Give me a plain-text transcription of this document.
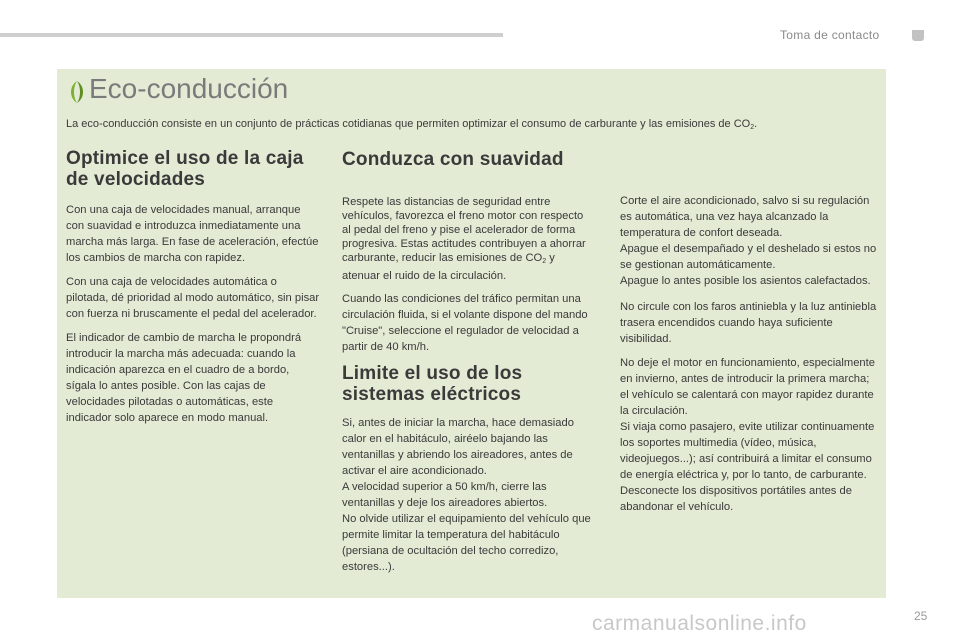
Toma de contacto
Eco-conducción
La eco-conducción consiste en un conjunto de prácticas cotidianas que permiten optimizar el consumo de carburante y las emisiones de $CO_2$.
Optimice el uso de la caja de velocidades

Con una caja de velocidades manual, arranque con suavidad e introduzca inmediatamente una marcha más larga. En fase de aceleración, efectúe los cambios de marcha con rapidez.

Con una caja de velocidades automática o pilotada, dé prioridad al modo automático, sin pisar con fuerza ni bruscamente el pedal del acelerador.

El indicador de cambio de marcha le propondrá introducir la marcha más adecuada: cuando la indicación aparezca en el cuadro de a bordo, sígala lo antes posible. Con las cajas de velocidades pilotadas o automáticas, este indicador solo aparece en modo manual.

Conduzca con suavidad

Respete las distancias de seguridad entre vehículos, favorezca el freno motor con respecto al pedal del freno y pise el acelerador de forma progresiva. Estas actitudes contribuyen a ahorrar carburante, reducir las emisiones de $CO_2$ y atenuar el ruido de la circulación.

Cuando las condiciones del tráfico permitan una circulación fluida, si el volante dispone del mando "Cruise", seleccione el regulador de velocidad a partir de 40 km/h.

Limite el uso de los sistemas eléctricos

Si, antes de iniciar la marcha, hace demasiado calor en el habitáculo, airéelo bajando las ventanillas y abriendo los aireadores, antes de activar el aire acondicionado.

A velocidad superior a 50 km/h, cierre las ventanillas y deje los aireadores abiertos.

No olvide utilizar el equipamiento del vehículo que permite limitar la temperatura del habitáculo (persiana de ocultación del techo corredizo, estores...).

Corte el aire acondicionado, salvo si su regulación es automática, una vez haya alcanzado la temperatura de confort deseada.

Apague el desempañado y el deshelado si estos no se gestionan automáticamente.

Apague lo antes posible los asientos calefactados.

No circule con los faros antiniebla y la luz antiniebla trasera encendidos cuando haya suficiente visibilidad.

No deje el motor en funcionamiento, especialmente en invierno, antes de introducir la primera marcha; el vehículo se calentará con mayor rapidez durante la circulación.

Si viaja como pasajero, evite utilizar continuamente los soportes multimedia (vídeo, música, videojuegos...); así contribuirá a limitar el consumo de energía eléctrica y, por lo tanto, de carburante.

Desconecte los dispositivos portátiles antes de abandonar el vehículo.

carmanualsonline.info	25
